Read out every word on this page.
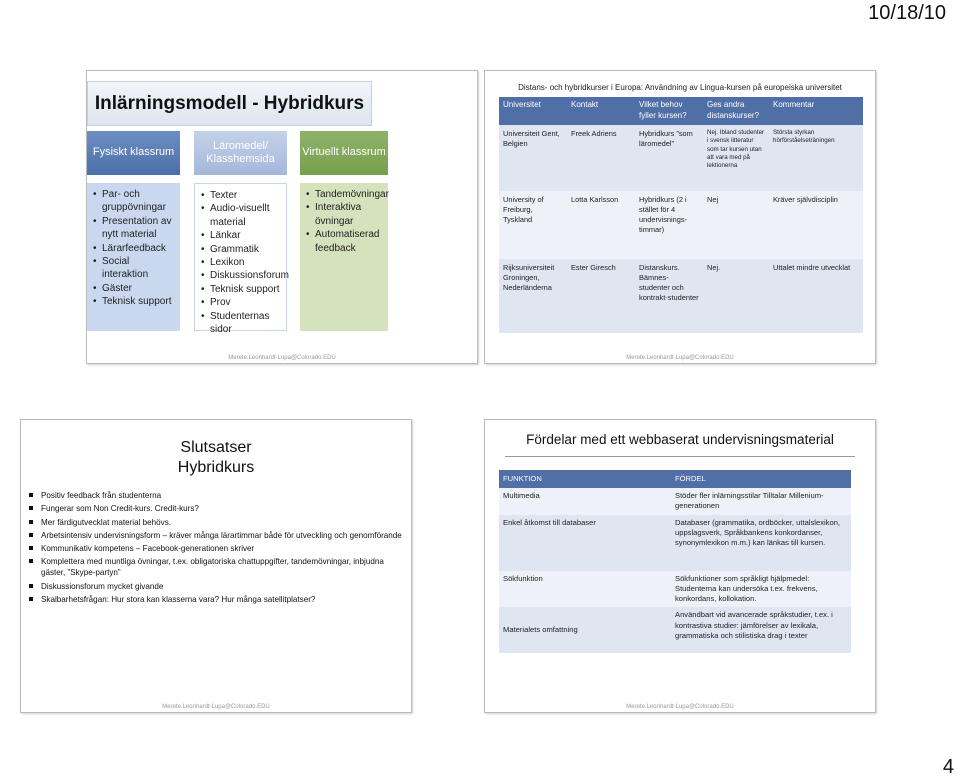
10/18/10
Inlärningsmodell - Hybridkurs
Fysiskt klassrum
Läromedel/ Klasshemsida
Virtuellt klassrum
• Par- och gruppövningar
• Presentation av nytt material
• Lärarfeedback
• Social interaktion
• Gäster
• Teknisk support
• Texter
• Audio-visuellt material
• Länkar
• Grammatik
• Lexikon
• Diskussionsforum
• Teknisk support
• Prov
• Studenternas sidor
• Tandemövningar
• Interaktiva övningar
• Automatiserad feedback
Merete.Leonhardt-Lupa@Colorado.EDU
Distans- och hybridkurser i Europa: Användning av Lingua-kursen på europeiska universitet
Universitet	Kontakt	Vilket behov fyller kursen?	Ges andra distanskurser?	Kommentar
Universiteit Gent, Belgien	Freek Adriens	Hybridkurs ”som läromedel”	Nej. Ibland studenter i svensk litteratur som tar kursen utan att vara med på lektionerna	Största styrkan hörförståelseträningen
University of Freiburg, Tyskland	Lotta Karlsson	Hybridkurs (2 i stället för 4 undervisnings-timmar)	Nej	Kräver självdisciplin
Rijksuniversiteit Groningen, Nederländerna	Ester Giresch	Distanskurs. Bämnes-studenter och kontrakt-studenter	Nej.	Uttalet mindre utvecklat
Merete.Leonhardt-Lupa@Colorado.EDU
Slutsatser
Hybridkurs
Positiv feedback från studenterna
Fungerar som Non Credit-kurs. Credit-kurs?
Mer färdigutvecklat material behövs.
Arbetsintensiv undervisningsform – kräver många lärartimmar både för utveckling och genomförande
Kommunikativ kompetens – Facebook-generationen skriver
Komplettera med muntliga övningar, t.ex. obligatoriska chattuppgifter, tandemövningar, inbjudna gäster, ”Skype-partyn”
Diskussionsforum mycket givande
Skalbarhetsfrågan: Hur stora kan klasserna vara? Hur många satellitplatser?
Merete.Leonhardt-Lupa@Colorado.EDU
Fördelar med ett webbaserat undervisningsmaterial
FUNKTION	FÖRDEL
Multimedia	Stöder fler inlärningsstilar Tilltalar Millenium-generationen
Enkel åtkomst till databaser	Databaser (grammatika, ordböcker, uttalslexikon, uppslagsverk, Språkbankens konkordanser, synonymlexikon m.m.) kan länkas till kursen.
Sökfunktion	Sökfunktioner som språkligt hjälpmedel: Studenterna kan undersöka t.ex. frekvens, konkordans, kollokation.
Materialets omfattning	Användbart vid avancerade språkstudier, t.ex. i kontrastiva studier: jämförelser av lexikala, grammatiska och stilistiska drag i texter
Merete.Leonhardt-Lupa@Colorado.EDU
4
